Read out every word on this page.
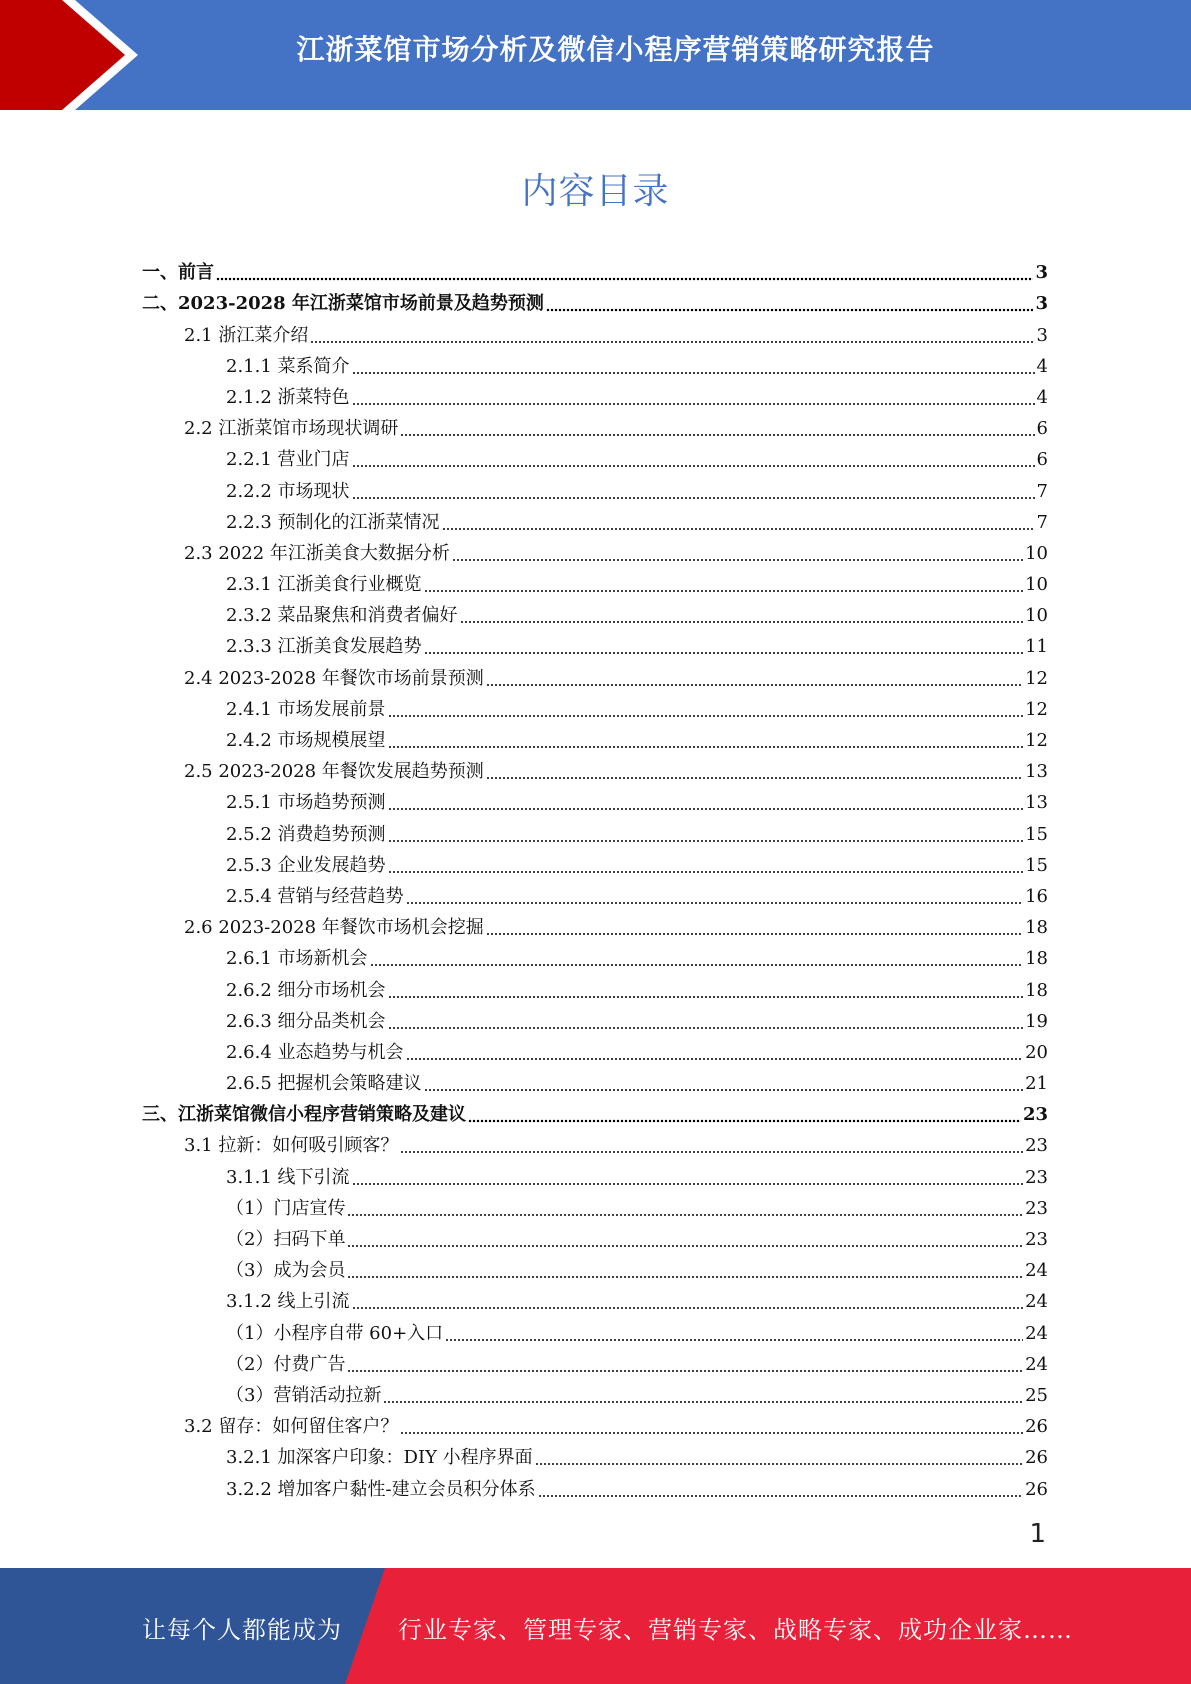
江浙菜馆市场分析及微信小程序营销策略研究报告
内容目录
一、前言	3
二、2023-2028 年江浙菜馆市场前景及趋势预测	3
2.1 浙江菜介绍	3
2.1.1 菜系简介	4
2.1.2 浙菜特色	4
2.2 江浙菜馆市场现状调研	6
2.2.1 营业门店	6
2.2.2 市场现状	7
2.2.3 预制化的江浙菜情况	7
2.3 2022 年江浙美食大数据分析	10
2.3.1 江浙美食行业概览	10
2.3.2 菜品聚焦和消费者偏好	10
2.3.3 江浙美食发展趋势	11
2.4 2023-2028 年餐饮市场前景预测	12
2.4.1 市场发展前景	12
2.4.2 市场规模展望	12
2.5 2023-2028 年餐饮发展趋势预测	13
2.5.1 市场趋势预测	13
2.5.2 消费趋势预测	15
2.5.3 企业发展趋势	15
2.5.4 营销与经营趋势	16
2.6 2023-2028 年餐饮市场机会挖掘	18
2.6.1 市场新机会	18
2.6.2 细分市场机会	18
2.6.3 细分品类机会	19
2.6.4 业态趋势与机会	20
2.6.5 把握机会策略建议	21
三、江浙菜馆微信小程序营销策略及建议	23
3.1 拉新：如何吸引顾客？	23
3.1.1 线下引流	23
（1）门店宣传	23
（2）扫码下单	23
（3）成为会员	24
3.1.2 线上引流	24
（1）小程序自带 60+入口	24
（2）付费广告	24
（3）营销活动拉新	25
3.2 留存：如何留住客户？	26
3.2.1 加深客户印象：DIY 小程序界面	26
3.2.2 增加客户黏性-建立会员积分体系	26
1
让每个人都能成为 行业专家、管理专家、营销专家、战略专家、成功企业家……
